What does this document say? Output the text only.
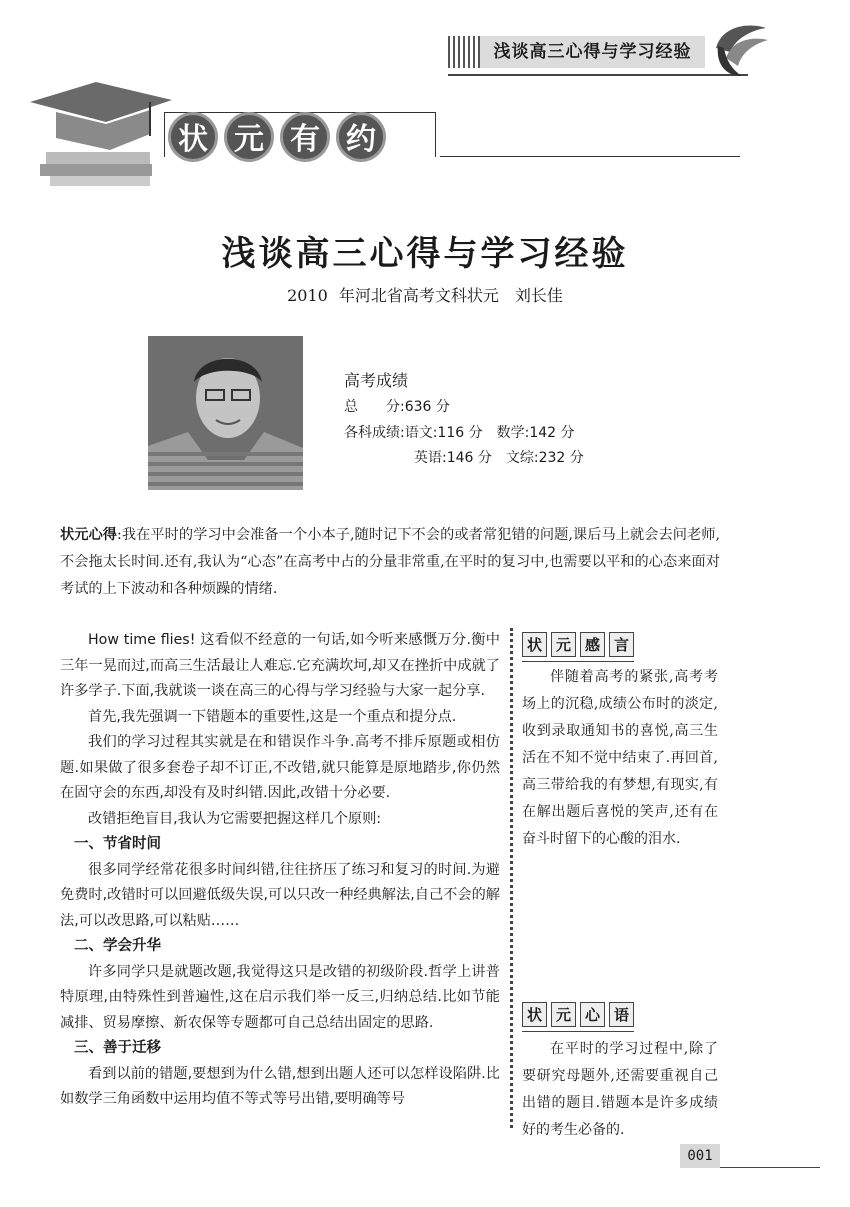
浅谈高三心得与学习经验
状 元 有 约
浅谈高三心得与学习经验
2010 年河北省高考文科状元　刘长佳
高考成绩
总　　分:636 分
各科成绩:语文:116 分　数学:142 分
英语:146 分　文综:232 分
状元心得:我在平时的学习中会准备一个小本子,随时记下不会的或者常犯错的问题,课后马上就会去问老师,不会拖太长时间.还有,我认为“心态”在高考中占的分量非常重,在平时的复习中,也需要以平和的心态来面对考试的上下波动和各种烦躁的情绪.

How time flies! 这看似不经意的一句话,如今听来感慨万分.衡中三年一晃而过,而高三生活最让人难忘.它充满坎坷,却又在挫折中成就了许多学子.下面,我就谈一谈在高三的心得与学习经验与大家一起分享.

首先,我先强调一下错题本的重要性,这是一个重点和提分点.

我们的学习过程其实就是在和错误作斗争.高考不排斥原题或相仿题.如果做了很多套卷子却不订正,不改错,就只能算是原地踏步,你仍然在固守会的东西,却没有及时纠错.因此,改错十分必要.

改错拒绝盲目,我认为它需要把握这样几个原则:

一、节省时间

很多同学经常花很多时间纠错,往往挤压了练习和复习的时间.为避免费时,改错时可以回避低级失误,可以只改一种经典解法,自己不会的解法,可以改思路,可以粘贴……

二、学会升华

许多同学只是就题改题,我觉得这只是改错的初级阶段.哲学上讲普特原理,由特殊性到普遍性,这在启示我们举一反三,归纳总结.比如节能减排、贸易摩擦、新农保等专题都可自己总结出固定的思路.

三、善于迁移

看到以前的错题,要想到为什么错,想到出题人还可以怎样设陷阱.比如数学三角函数中运用均值不等式等号出错,要明确等号

状 元 感 言
伴随着高考的紧张,高考考场上的沉稳,成绩公布时的淡定,收到录取通知书的喜悦,高三生活在不知不觉中结束了.再回首,高三带给我的有梦想,有现实,有在解出题后喜悦的笑声,还有在奋斗时留下的心酸的泪水.
状 元 心 语
在平时的学习过程中,除了要研究母题外,还需要重视自己出错的题目.错题本是许多成绩好的考生必备的.
001
